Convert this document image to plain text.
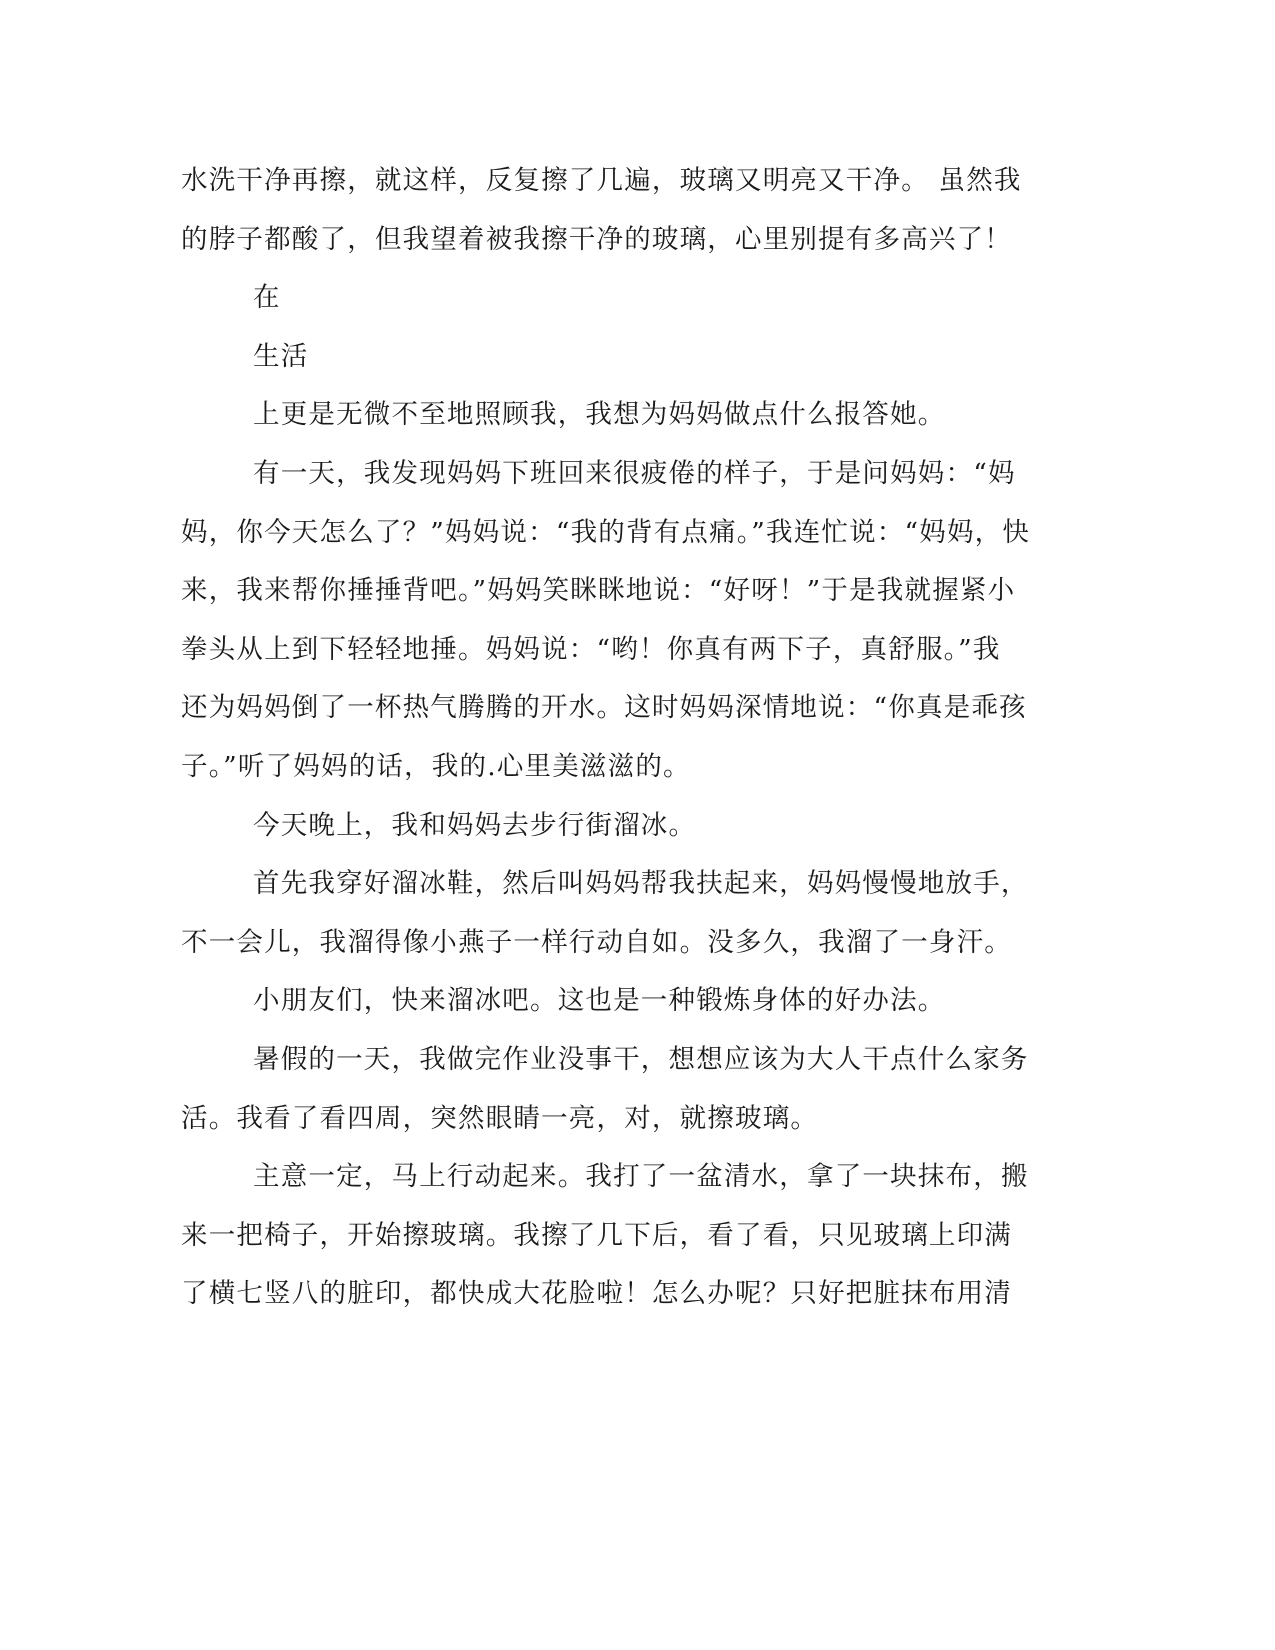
水洗干净再擦，就这样，反复擦了几遍，玻璃又明亮又干净。 虽然我
的脖子都酸了，但我望着被我擦干净的玻璃，心里别提有多高兴了！
在
生活
上更是无微不至地照顾我，我想为妈妈做点什么报答她。
有一天，我发现妈妈下班回来很疲倦的样子，于是问妈妈：“妈
妈，你今天怎么了？”妈妈说：“我的背有点痛。”我连忙说：“妈妈，快
来，我来帮你捶捶背吧。”妈妈笑眯眯地说：“好呀！”于是我就握紧小
拳头从上到下轻轻地捶。妈妈说：“哟！你真有两下子，真舒服。”我
还为妈妈倒了一杯热气腾腾的开水。这时妈妈深情地说：“你真是乖孩
子。”听了妈妈的话，我的.心里美滋滋的。
今天晚上，我和妈妈去步行街溜冰。
首先我穿好溜冰鞋，然后叫妈妈帮我扶起来，妈妈慢慢地放手，
不一会儿，我溜得像小燕子一样行动自如。没多久，我溜了一身汗。
小朋友们，快来溜冰吧。这也是一种锻炼身体的好办法。
暑假的一天，我做完作业没事干，想想应该为大人干点什么家务
活。我看了看四周，突然眼睛一亮，对，就擦玻璃。
主意一定，马上行动起来。我打了一盆清水，拿了一块抹布，搬
来一把椅子，开始擦玻璃。我擦了几下后，看了看，只见玻璃上印满
了横七竖八的脏印，都快成大花脸啦！怎么办呢？只好把脏抹布用清
